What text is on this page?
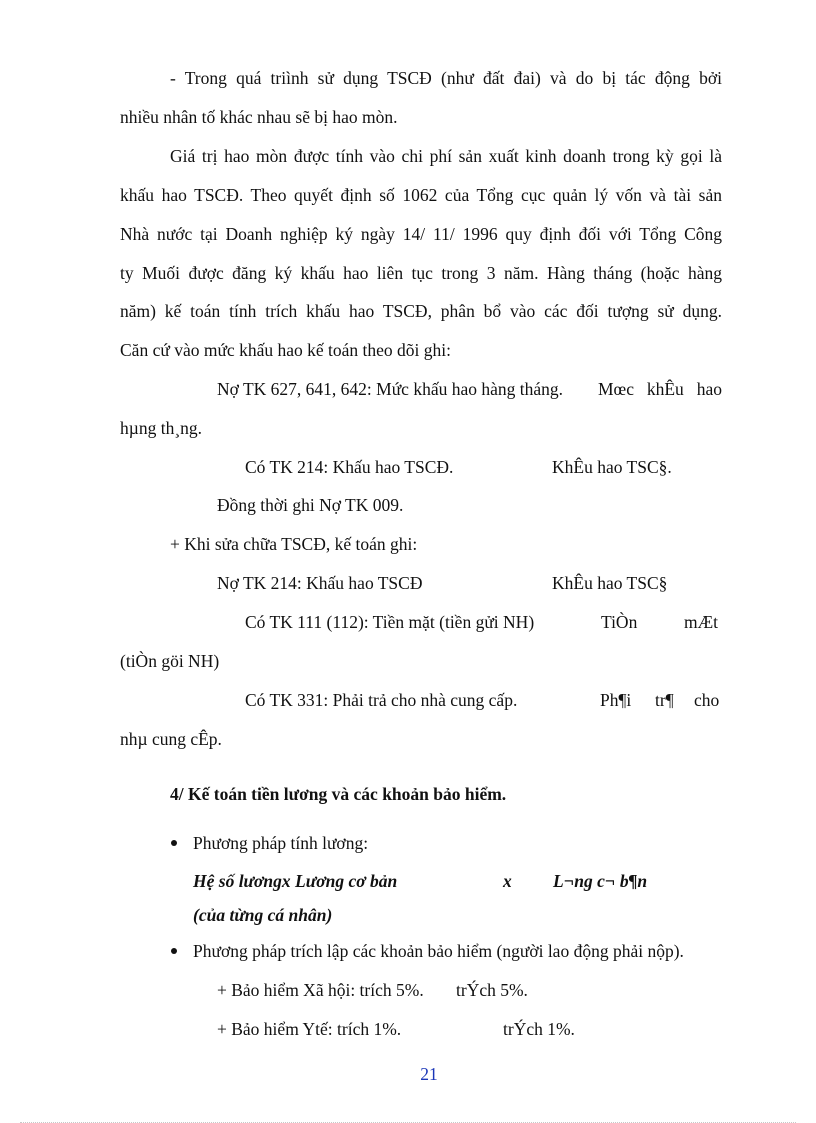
- Trong quá triình sử dụng TSCĐ (như đất đai) và do bị tác động bởi
nhiều nhân tố khác nhau sẽ bị hao mòn.
Giá trị hao mòn được tính vào chi phí sản xuất kinh doanh trong kỳ gọi là
khấu hao TSCĐ. Theo quyết định số 1062 của Tổng cục quản lý vốn và tài sản
Nhà nước tại Doanh nghiệp ký ngày 14/ 11/ 1996 quy định đối với Tổng Công
ty Muối được đăng ký khấu hao liên tục trong 3 năm. Hàng tháng (hoặc hàng
năm) kế toán tính trích khấu hao TSCĐ, phân bổ vào các đối tượng sử dụng.
Căn cứ vào mức khấu hao kế toán theo dõi ghi:
Nợ TK 627, 641, 642: Mức khấu hao hàng tháng. Mœc khÊu hao
hµng th¸ng.
Có TK 214: Khấu hao TSCĐ.	KhÊu hao TSC§.
Đồng thời ghi Nợ TK 009.
+ Khi sửa chữa TSCĐ, kế toán ghi:
Nợ TK 214: Khấu hao TSCĐ	KhÊu hao TSC§
Có TK 111 (112): Tiền mặt (tiền gửi NH)	TiÒn	mÆt
(tiÒn göi NH)
Có TK 331: Phải trả cho nhà cung cấp.	Ph¶i tr¶ cho
nhµ cung cÊp.
4/ Kế toán tiền lương và các khoản bảo hiểm.
Phương pháp tính lương:
Hệ số lươngx Lương cơ bản	x L¬ng c¬ b¶n
(của từng cá nhân)
Phương pháp trích lập các khoản bảo hiểm (người lao động phải nộp).
+ Bảo hiểm Xã hội: trích 5%. trÝch 5%.
+ Bảo hiểm Ytế: trích 1%.	trÝch 1%.
21
